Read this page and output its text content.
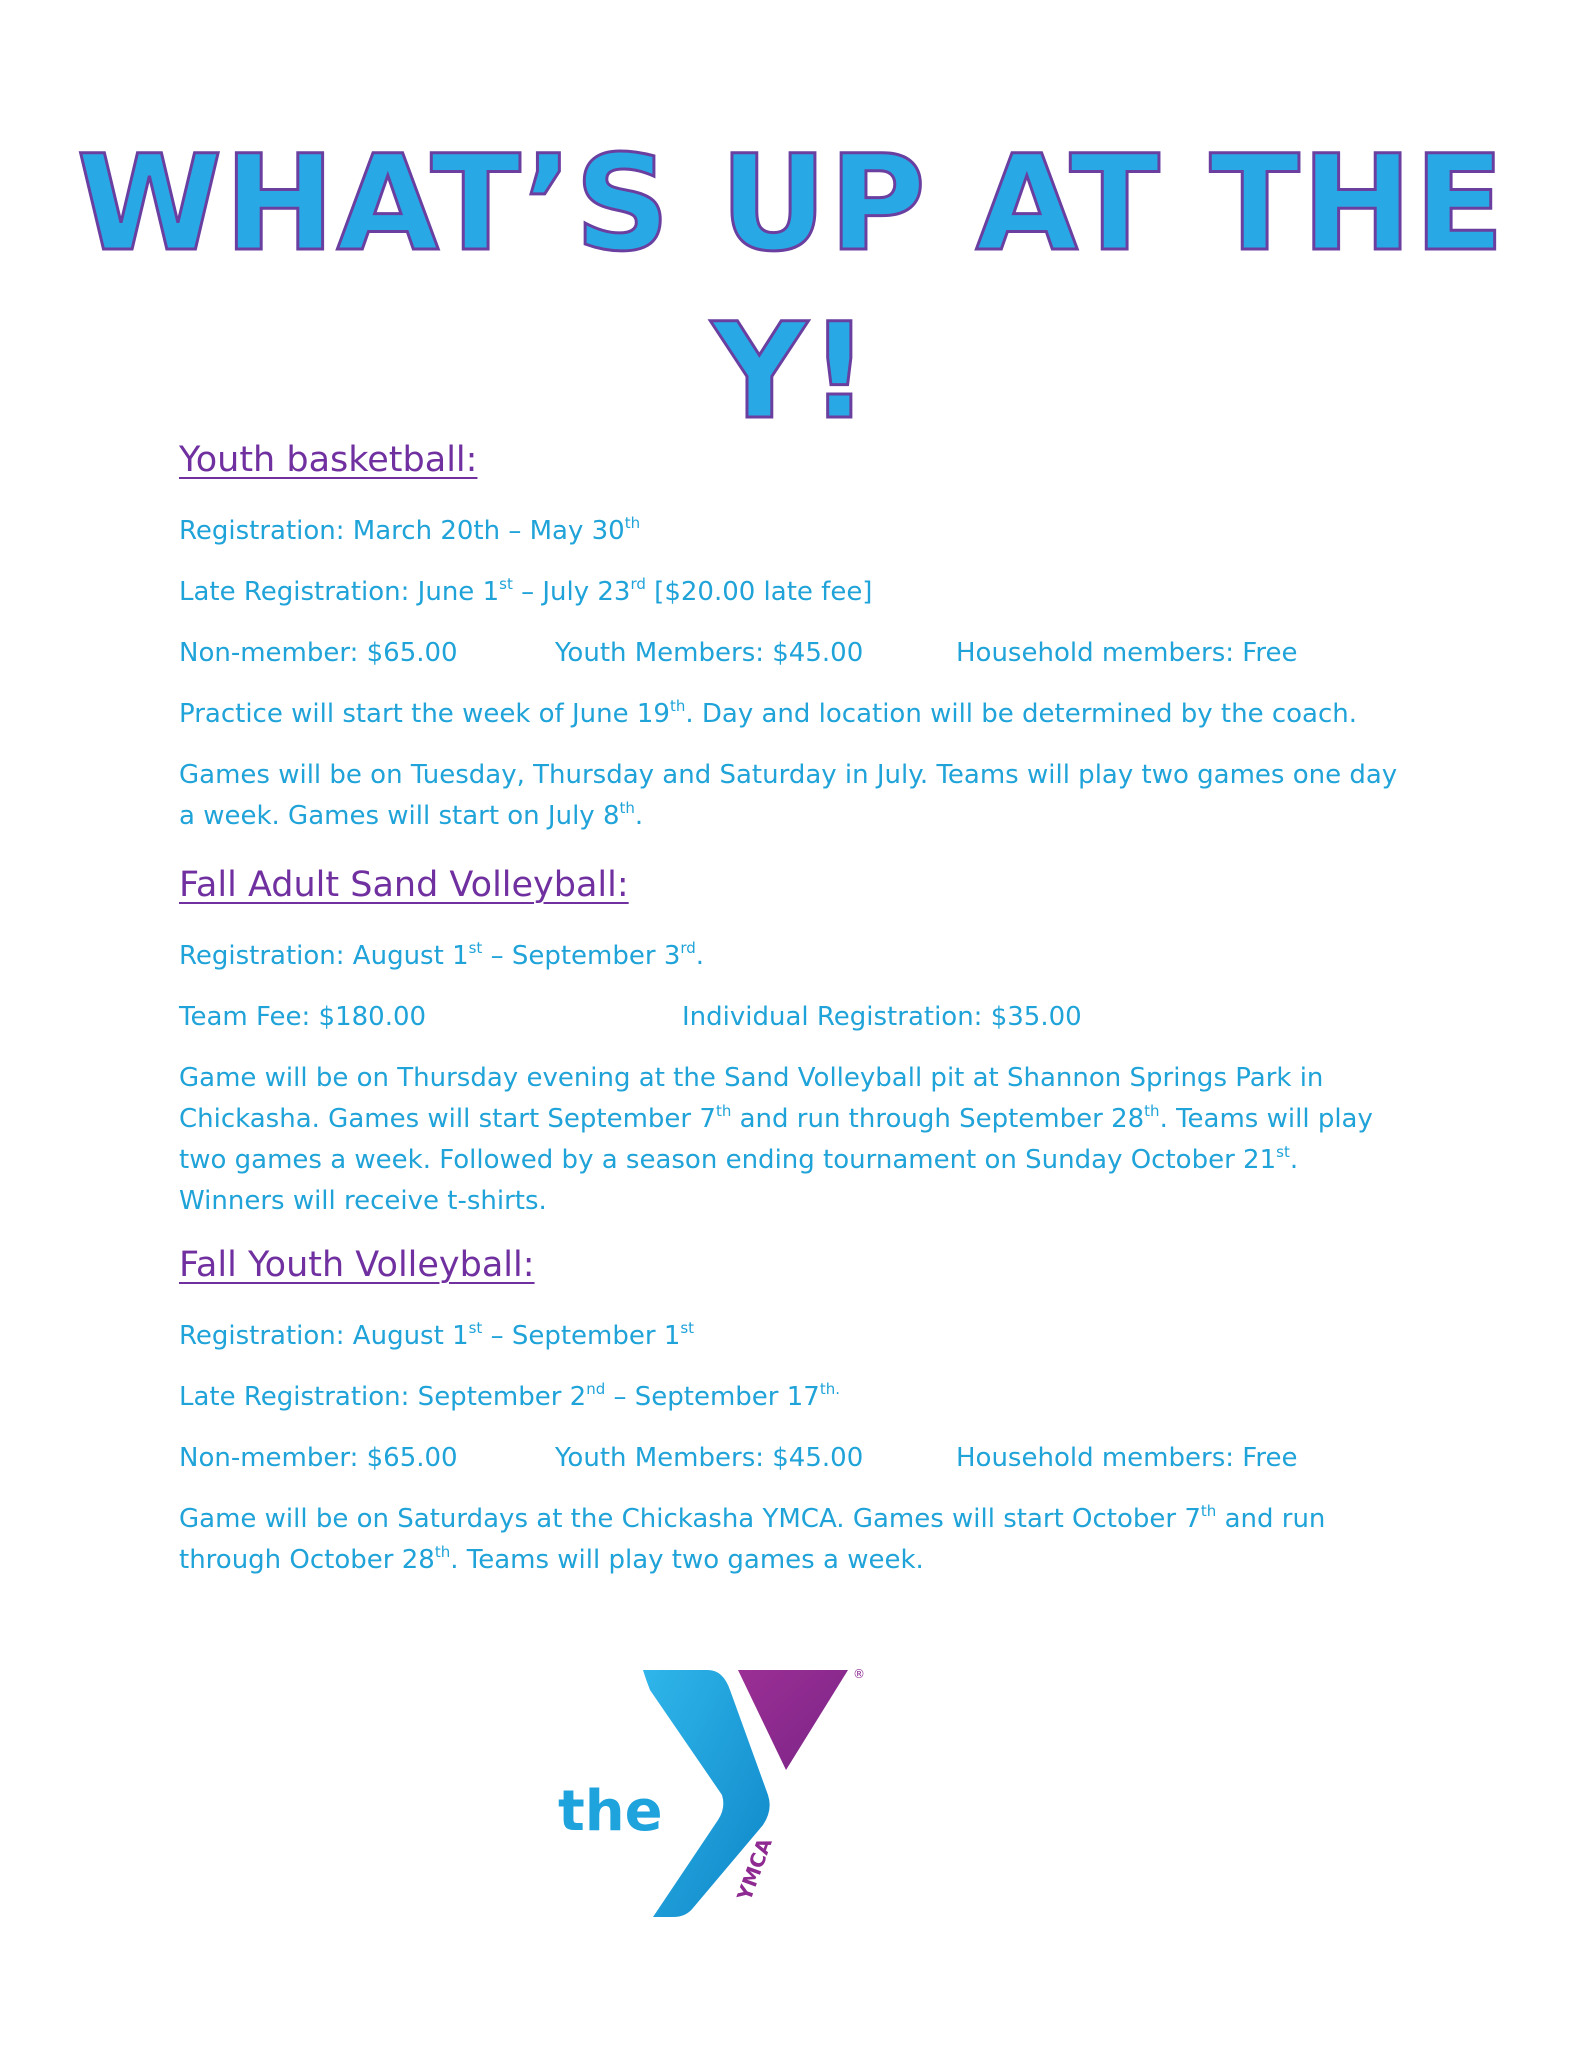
WHAT’S UP AT THE
Y!
Youth basketball:
Registration: March 20th – May 30th
Late Registration: June 1st – July 23rd [$20.00 late fee]
Non-member: $65.00	Youth Members: $45.00	Household members: Free
Practice will start the week of June 19th. Day and location will be determined by the coach.
Games will be on Tuesday, Thursday and Saturday in July. Teams will play two games one day a week. Games will start on July 8th.
Fall Adult Sand Volleyball:
Registration: August 1st – September 3rd.
Team Fee: $180.00	Individual Registration: $35.00
Game will be on Thursday evening at the Sand Volleyball pit at Shannon Springs Park in Chickasha. Games will start September 7th and run through September 28th. Teams will play two games a week. Followed by a season ending tournament on Sunday October 21st. Winners will receive t-shirts.
Fall Youth Volleyball:
Registration: August 1st – September 1st
Late Registration: September 2nd – September $17^{th.}$
Non-member: $65.00	Youth Members: $45.00	Household members: Free
Game will be on Saturdays at the Chickasha YMCA. Games will start October 7th and run through October 28th. Teams will play two games a week.
the
YMCA
®
